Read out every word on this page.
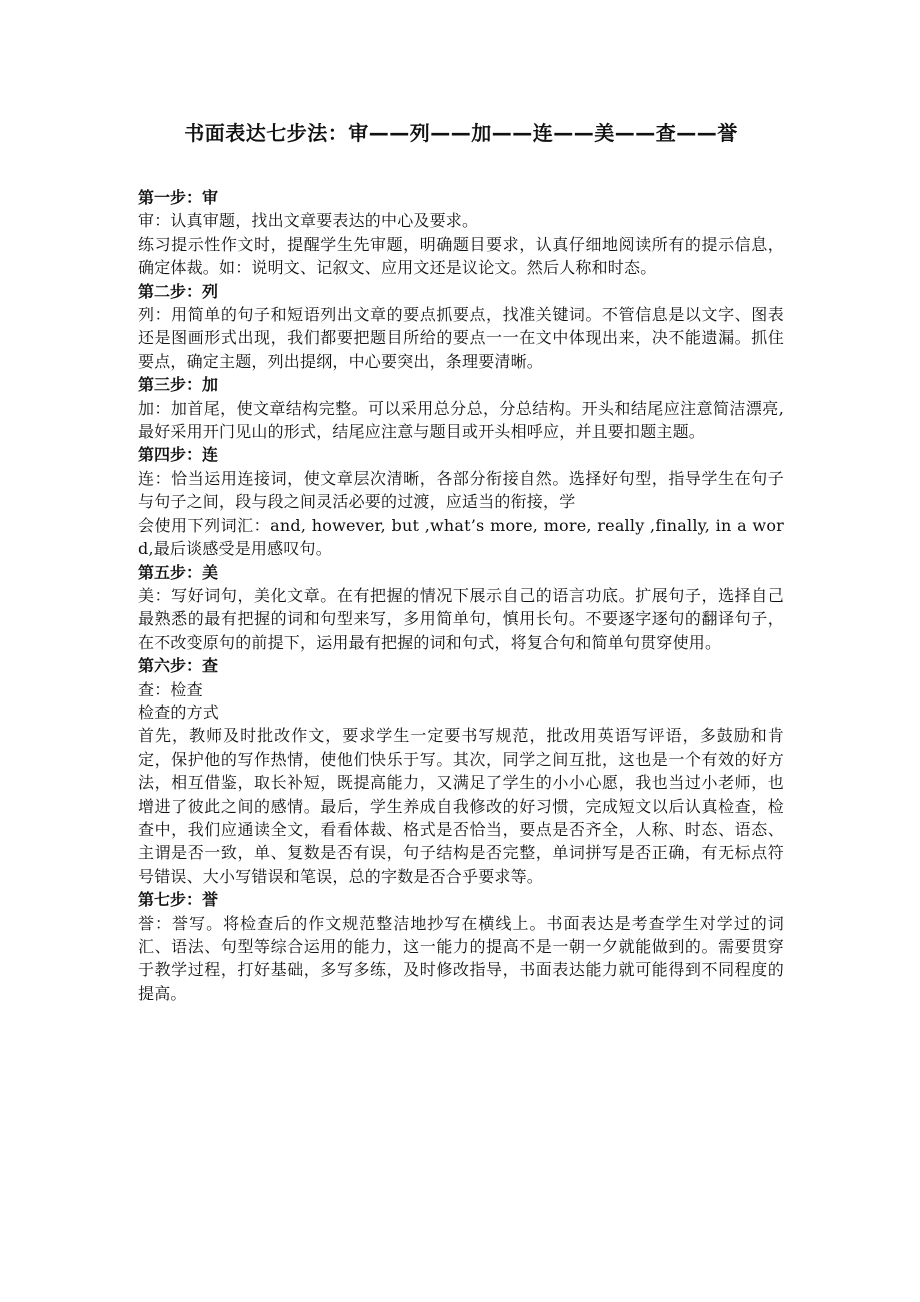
书面表达七步法：审——列——加——连——美——查——誉

第一步：审

审：认真审题，找出文章要表达的中心及要求。

练习提示性作文时，提醒学生先审题，明确题目要求，认真仔细地阅读所有的提示信息，确定体裁。如：说明文、记叙文、应用文还是议论文。然后人称和时态。

第二步：列

列：用简单的句子和短语列出文章的要点抓要点，找准关键词。不管信息是以文字、图表还是图画形式出现，我们都要把题目所给的要点一一在文中体现出来，决不能遗漏。抓住要点，确定主题，列出提纲，中心要突出，条理要清晰。

第三步：加

加：加首尾，使文章结构完整。可以采用总分总，分总结构。开头和结尾应注意简洁漂亮,最好采用开门见山的形式，结尾应注意与题目或开头相呼应，并且要扣题主题。

第四步：连

连：恰当运用连接词，使文章层次清晰，各部分衔接自然。选择好句型，指导学生在句子与句子之间，段与段之间灵活必要的过渡，应适当的衔接，学

会使用下列词汇：and, however, but ,what’s more, more, really ,finally, in a word,最后谈感受是用感叹句。

第五步：美

美：写好词句，美化文章。在有把握的情况下展示自己的语言功底。扩展句子，选择自己最熟悉的最有把握的词和句型来写，多用简单句，慎用长句。不要逐字逐句的翻译句子，在不改变原句的前提下，运用最有把握的词和句式，将复合句和简单句贯穿使用。

第六步：查

查：检查

检查的方式

首先，教师及时批改作文，要求学生一定要书写规范，批改用英语写评语，多鼓励和肯定，保护他的写作热情，使他们快乐于写。其次，同学之间互批，这也是一个有效的好方法，相互借鉴，取长补短，既提高能力，又满足了学生的小小心愿，我也当过小老师，也增进了彼此之间的感情。最后，学生养成自我修改的好习惯，完成短文以后认真检查，检查中，我们应通读全文，看看体裁、格式是否恰当，要点是否齐全，人称、时态、语态、主谓是否一致，单、复数是否有误，句子结构是否完整，单词拼写是否正确，有无标点符号错误、大小写错误和笔误，总的字数是否合乎要求等。

第七步：誉

誉：誉写。将检查后的作文规范整洁地抄写在横线上。书面表达是考查学生对学过的词汇、语法、句型等综合运用的能力，这一能力的提高不是一朝一夕就能做到的。需要贯穿于教学过程，打好基础，多写多练，及时修改指导，书面表达能力就可能得到不同程度的提高。
